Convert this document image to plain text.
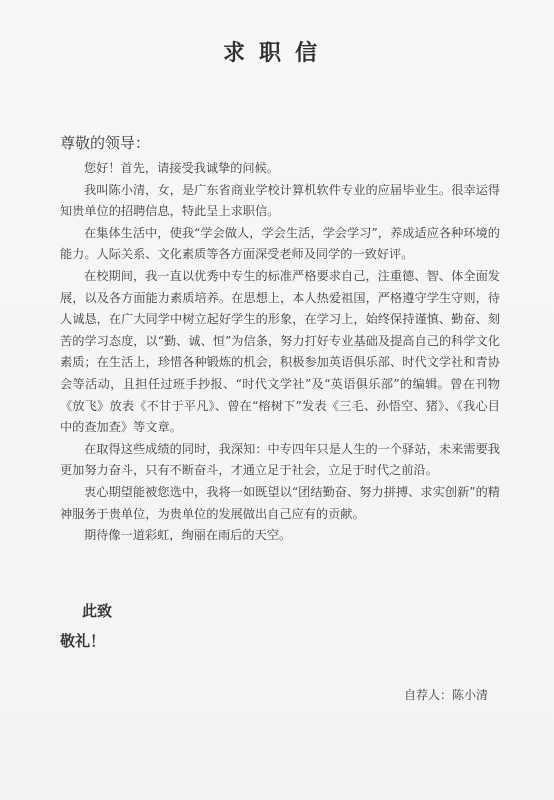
求职信
尊敬的领导：

您好！首先，请接受我诚挚的问候。

我叫陈小清，女，是广东省商业学校计算机软件专业的应届毕业生。很幸运得知贵单位的招聘信息，特此呈上求职信。

在集体生活中，使我“学会做人，学会生活，学会学习”，养成适应各种环境的能力。人际关系、文化素质等各方面深受老师及同学的一致好评。

在校期间，我一直以优秀中专生的标准严格要求自己，注重德、智、体全面发展，以及各方面能力素质培养。在思想上，本人热爱祖国，严格遵守学生守则，待人诚恳，在广大同学中树立起好学生的形象，在学习上，始终保持谨慎、勤奋、刻苦的学习态度，以“勤、诚、恒”为信条，努力打好专业基础及提高自己的科学文化素质；在生活上，珍惜各种锻炼的机会，积极参加英语俱乐部、时代文学社和青协会等活动，且担任过班手抄报、“时代文学社”及“英语俱乐部”的编辑。曾在刊物《放飞》放表《不甘于平凡》、曾在“榕树下”发表《三毛、孙悟空、猪》、《我心目中的查加查》等文章。

在取得这些成绩的同时，我深知：中专四年只是人生的一个驿站，未来需要我更加努力奋斗，只有不断奋斗，才通立足于社会，立足于时代之前沿。

衷心期望能被您选中，我将一如既望以“团结勤奋、努力拼搏、求实创新”的精神服务于贵单位，为贵单位的发展做出自己应有的贡献。

期待像一道彩虹，绚丽在雨后的天空。

此致
敬礼！
自荐人：陈小清
